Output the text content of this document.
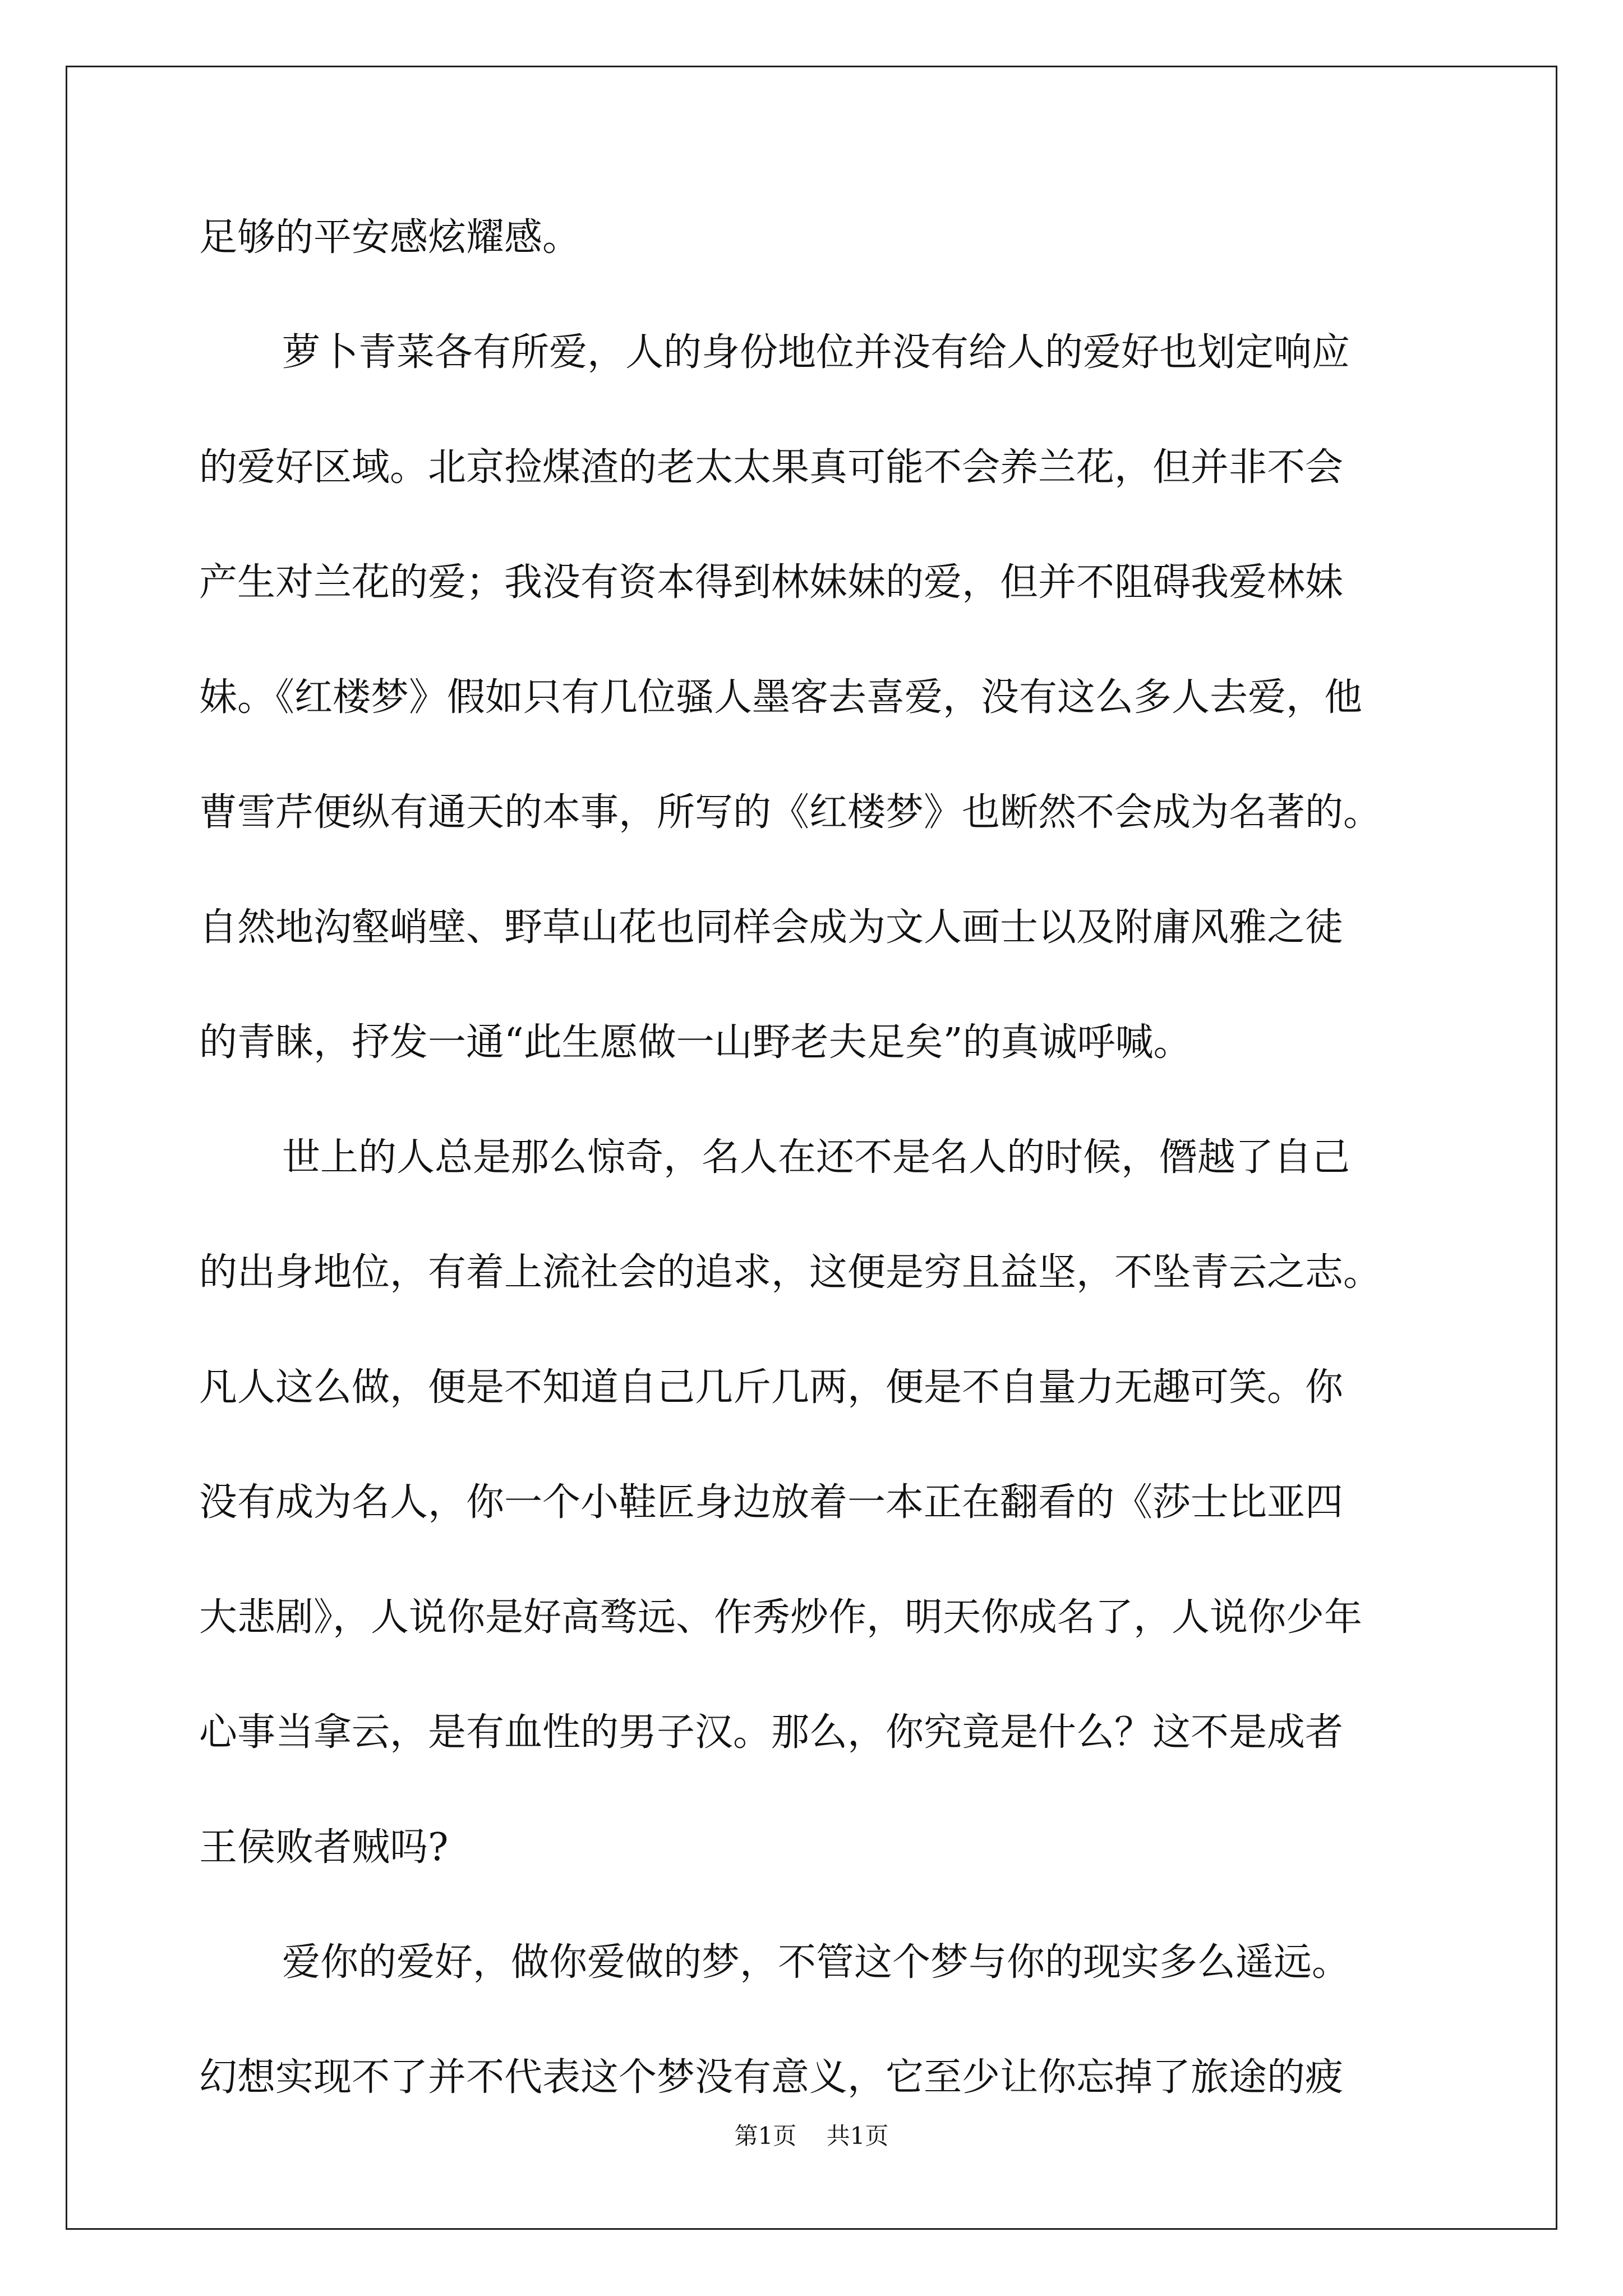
足够的平安感炫耀感。
萝卜青菜各有所爱，人的身份地位并没有给人的爱好也划定响应
的爱好区域。北京捡煤渣的老太太果真可能不会养兰花，但并非不会
产生对兰花的爱；我没有资本得到林妹妹的爱，但并不阻碍我爱林妹
妹。《红楼梦》假如只有几位骚人墨客去喜爱，没有这么多人去爱，他
曹雪芹便纵有通天的本事，所写的《红楼梦》也断然不会成为名著的。
自然地沟壑峭壁、野草山花也同样会成为文人画士以及附庸风雅之徒
的青睐，抒发一通“此生愿做一山野老夫足矣”的真诚呼喊。
世上的人总是那么惊奇，名人在还不是名人的时候，僭越了自己
的出身地位，有着上流社会的追求，这便是穷且益坚，不坠青云之志。
凡人这么做，便是不知道自己几斤几两，便是不自量力无趣可笑。你
没有成为名人，你一个小鞋匠身边放着一本正在翻看的《莎士比亚四
大悲剧》，人说你是好高骛远、作秀炒作，明天你成名了，人说你少年
心事当拿云，是有血性的男子汉。那么，你究竟是什么？这不是成者
王侯败者贼吗?
爱你的爱好，做你爱做的梦，不管这个梦与你的现实多么遥远。
幻想实现不了并不代表这个梦没有意义，它至少让你忘掉了旅途的疲
第1页 共1页
